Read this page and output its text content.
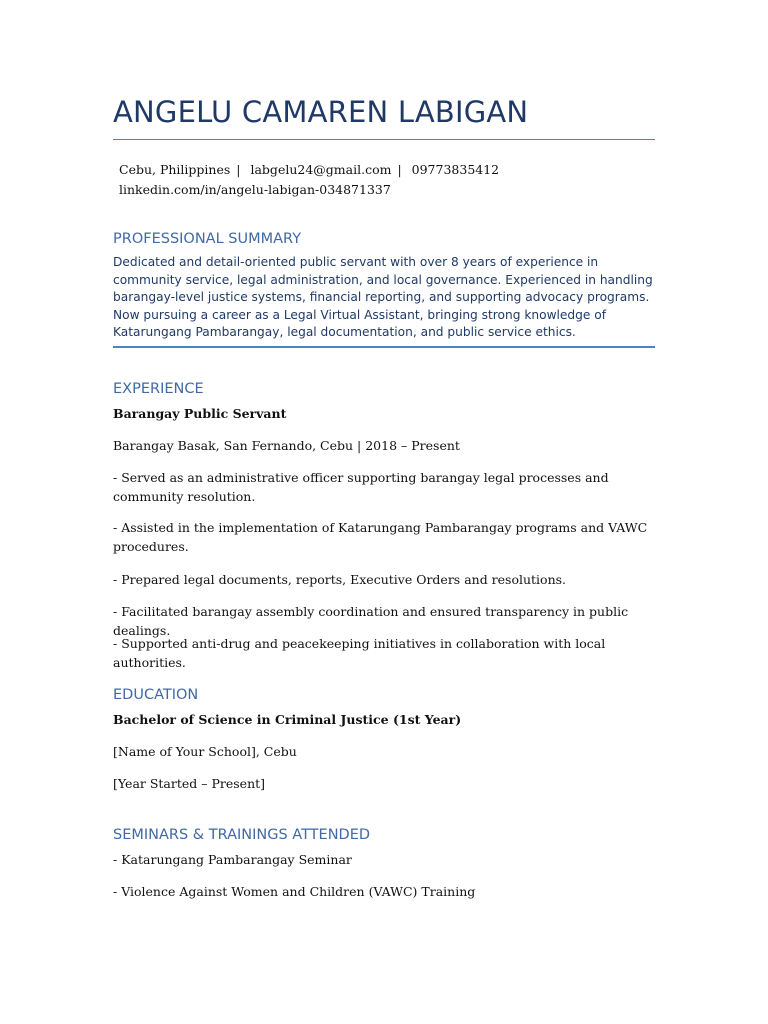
ANGELU CAMAREN LABIGAN
Cebu, Philippines | labgelu24@gmail.com | 09773835412
linkedin.com/in/angelu-labigan-034871337
PROFESSIONAL SUMMARY

Dedicated and detail-oriented public servant with over 8 years of experience in community service, legal administration, and local governance. Experienced in handling barangay-level justice systems, financial reporting, and supporting advocacy programs. Now pursuing a career as a Legal Virtual Assistant, bringing strong knowledge of Katarungang Pambarangay, legal documentation, and public service ethics.

EXPERIENCE

Barangay Public Servant

Barangay Basak, San Fernando, Cebu | 2018 – Present

- Served as an administrative officer supporting barangay legal processes and community resolution.

- Assisted in the implementation of Katarungang Pambarangay programs and VAWC procedures.

- Prepared legal documents, reports, Executive Orders and resolutions.

- Facilitated barangay assembly coordination and ensured transparency in public dealings.

- Supported anti-drug and peacekeeping initiatives in collaboration with local authorities.

EDUCATION

Bachelor of Science in Criminal Justice (1st Year)

[Name of Your School], Cebu

[Year Started – Present]

SEMINARS & TRAININGS ATTENDED

- Katarungang Pambarangay Seminar

- Violence Against Women and Children (VAWC) Training
